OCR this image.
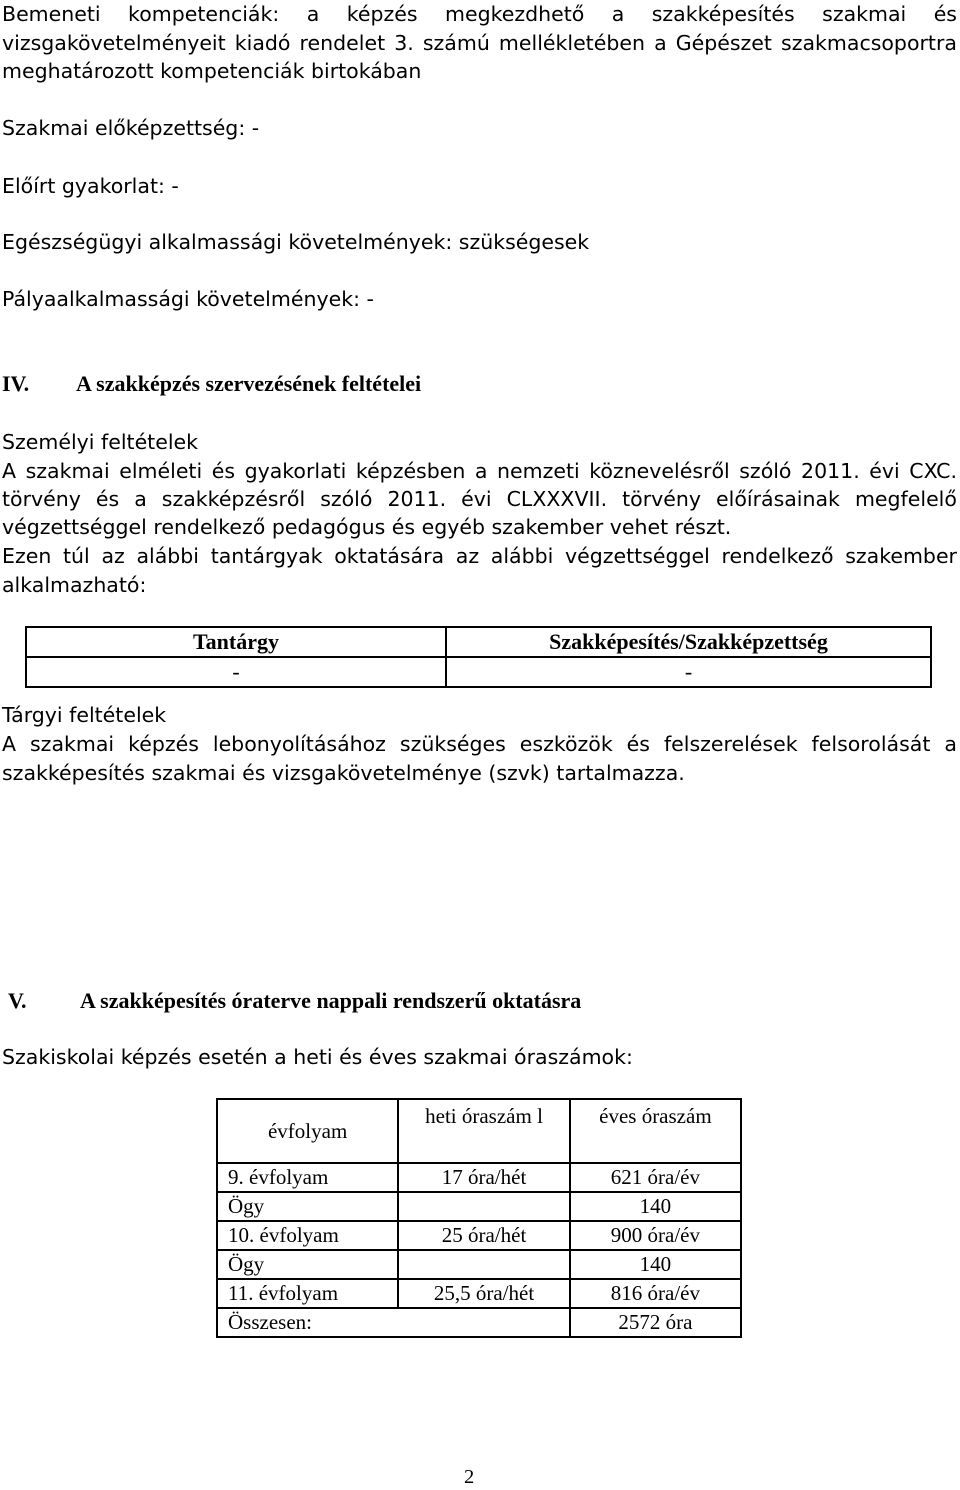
Bemeneti kompetenciák: a képzés megkezdhető a szakképesítés szakmai és
vizsgakövetelményeit kiadó rendelet 3. számú mellékletében a Gépészet szakmacsoportra
meghatározott kompetenciák birtokában
Szakmai előképzettség: -
Előírt gyakorlat: -
Egészségügyi alkalmassági követelmények: szükségesek
Pályaalkalmassági követelmények: -
IV. A szakképzés szervezésének feltételei
Személyi feltételek
A szakmai elméleti és gyakorlati képzésben a nemzeti köznevelésről szóló 2011. évi CXC.
törvény és a szakképzésről szóló 2011. évi CLXXXVII. törvény előírásainak megfelelő
végzettséggel rendelkező pedagógus és egyéb szakember vehet részt.
Ezen túl az alábbi tantárgyak oktatására az alábbi végzettséggel rendelkező szakember
alkalmazható:
Tantárgy	Szakképesítés/Szakképzettség
-	-
Tárgyi feltételek
A szakmai képzés lebonyolításához szükséges eszközök és felszerelések felsorolását a
szakképesítés szakmai és vizsgakövetelménye (szvk) tartalmazza.
V. A szakképesítés óraterve nappali rendszerű oktatásra
Szakiskolai képzés esetén a heti és éves szakmai óraszámok:
évfolyam	heti óraszám l	éves óraszám
9. évfolyam	17 óra/hét	621 óra/év
Ögy		140
10. évfolyam	25 óra/hét	900 óra/év
Ögy		140
11. évfolyam	25,5 óra/hét	816 óra/év
Összesen:		2572 óra
2
